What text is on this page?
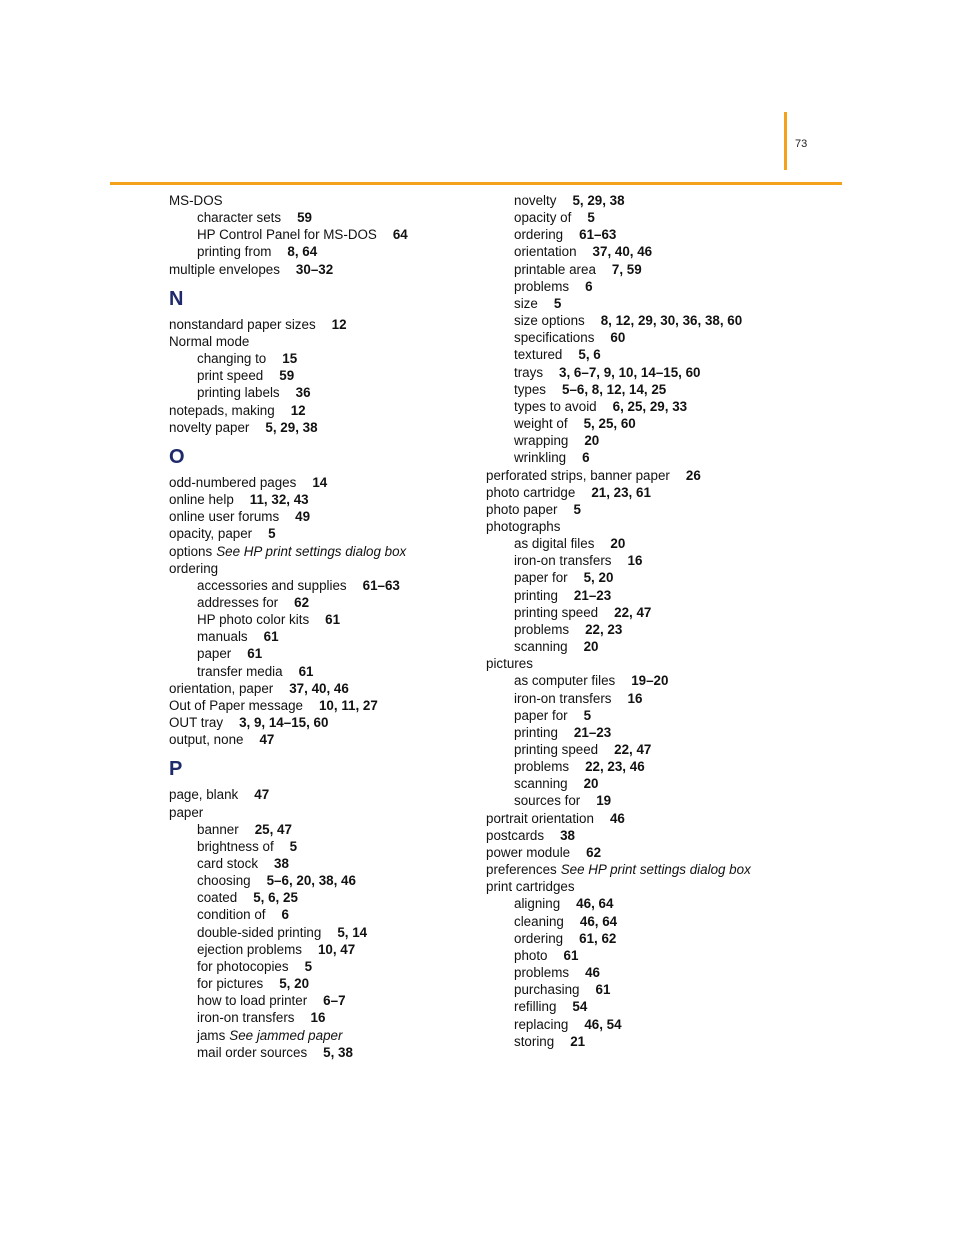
73
MS-DOS
character sets 59
HP Control Panel for MS-DOS 64
printing from 8, 64
multiple envelopes 30–32
N
nonstandard paper sizes 12
Normal mode
changing to 15
print speed 59
printing labels 36
notepads, making 12
novelty paper 5, 29, 38
O
odd-numbered pages 14
online help 11, 32, 43
online user forums 49
opacity, paper 5
options See HP print settings dialog box
ordering
accessories and supplies 61–63
addresses for 62
HP photo color kits 61
manuals 61
paper 61
transfer media 61
orientation, paper 37, 40, 46
Out of Paper message 10, 11, 27
OUT tray 3, 9, 14–15, 60
output, none 47
P
page, blank 47
paper
banner 25, 47
brightness of 5
card stock 38
choosing 5–6, 20, 38, 46
coated 5, 6, 25
condition of 6
double-sided printing 5, 14
ejection problems 10, 47
for photocopies 5
for pictures 5, 20
how to load printer 6–7
iron-on transfers 16
jams See jammed paper
mail order sources 5, 38
novelty 5, 29, 38
opacity of 5
ordering 61–63
orientation 37, 40, 46
printable area 7, 59
problems 6
size 5
size options 8, 12, 29, 30, 36, 38, 60
specifications 60
textured 5, 6
trays 3, 6–7, 9, 10, 14–15, 60
types 5–6, 8, 12, 14, 25
types to avoid 6, 25, 29, 33
weight of 5, 25, 60
wrapping 20
wrinkling 6
perforated strips, banner paper 26
photo cartridge 21, 23, 61
photo paper 5
photographs
as digital files 20
iron-on transfers 16
paper for 5, 20
printing 21–23
printing speed 22, 47
problems 22, 23
scanning 20
pictures
as computer files 19–20
iron-on transfers 16
paper for 5
printing 21–23
printing speed 22, 47
problems 22, 23, 46
scanning 20
sources for 19
portrait orientation 46
postcards 38
power module 62
preferences See HP print settings dialog box
print cartridges
aligning 46, 64
cleaning 46, 64
ordering 61, 62
photo 61
problems 46
purchasing 61
refilling 54
replacing 46, 54
storing 21
